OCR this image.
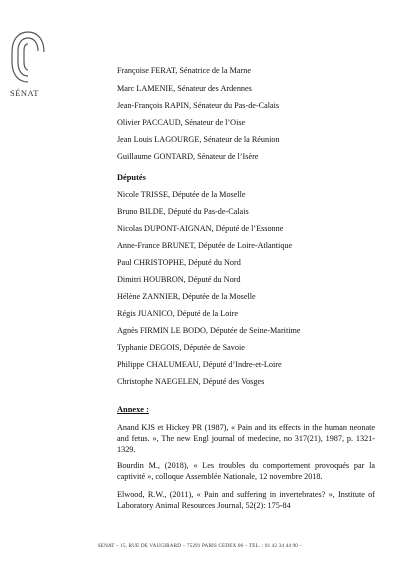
SÉNAT
Françoise FERAT, Sénatrice de la Marne
Marc LAMENIE, Sénateur des Ardennes
Jean-François RAPIN, Sénateur du Pas-de-Calais
Olivier PACCAUD, Sénateur de l’Oise
Jean Louis LAGOURGE, Sénateur de la Réunion
Guillaume GONTARD, Sénateur de l’Isère
Députés
Nicole TRISSE, Députée de la Moselle
Bruno BILDE, Député du Pas-de-Calais
Nicolas DUPONT-AIGNAN, Député de l’Essonne
Anne-France BRUNET, Députée de Loire-Atlantique
Paul CHRISTOPHE, Député du Nord
Dimitri HOUBRON, Député du Nord
Hélène ZANNIER, Députée de la Moselle
Régis JUANICO, Député de la Loire
Agnès FIRMIN LE BODO, Députée de Seine-Maritime
Typhanie DEGOIS, Députée de Savoie
Philippe CHALUMEAU, Député d’Indre-et-Loire
Christophe NAEGELEN, Député des Vosges
Annexe :
Anand KJS et Hickey PR (1987), « Pain and its effects in the human neonate and fetus. », The new Engl journal of medecine, no 317(21), 1987, p. 1321-1329.
Bourdin M., (2018), « Les troubles du comportement provoqués par la captivité », colloque Assemblée Nationale, 12 novembre 2018.
Elwood, R.W., (2011), « Pain and suffering in invertebrates? », Institute of Laboratory Animal Resources Journal, 52(2): 175-84
SENAT – 15, RUE DE VAUGIRARD – 75291 PARIS CEDEX 06 – TEL. : 01 42 34 44 90 –
